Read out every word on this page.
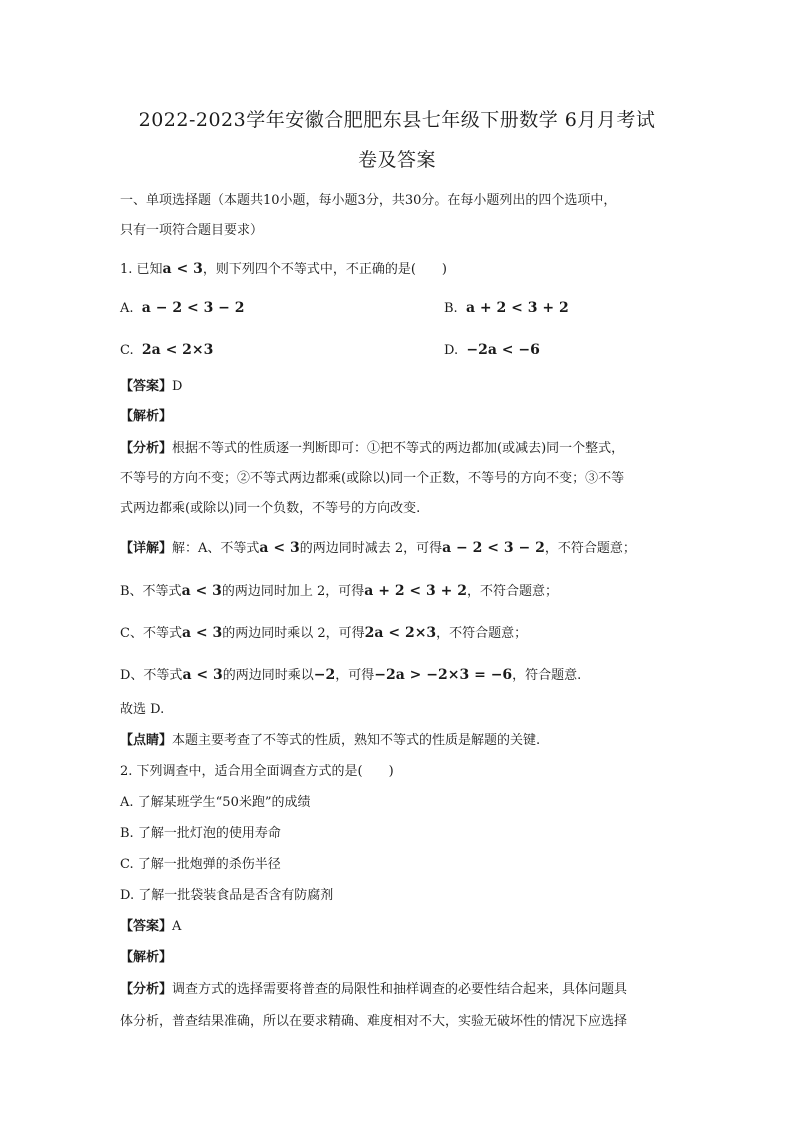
2022-2023学年安徽合肥肥东县七年级下册数学 6月月考试
卷及答案
一、单项选择题（本题共10小题，每小题3分，共30分。在每小题列出的四个选项中，
只有一项符合题目要求）
1. 已知a < 3，则下列四个不等式中，不正确的是(　　)
A. a − 2 < 3 − 2	B. a + 2 < 3 + 2
C. 2a < 2×3	D. −2a < −6
【答案】D
【解析】
【分析】根据不等式的性质逐一判断即可：①把不等式的两边都加(或减去)同一个整式，
不等号的方向不变；②不等式两边都乘(或除以)同一个正数，不等号的方向不变；③不等
式两边都乘(或除以)同一个负数，不等号的方向改变.
【详解】解：A、不等式a < 3的两边同时减去 2，可得a − 2 < 3 − 2，不符合题意；
B、不等式a < 3的两边同时加上 2，可得a + 2 < 3 + 2，不符合题意；
C、不等式a < 3的两边同时乘以 2，可得2a < 2×3，不符合题意；
D、不等式a < 3的两边同时乘以−2，可得−2a > −2×3 = −6，符合题意.
故选 D.
【点睛】本题主要考查了不等式的性质，熟知不等式的性质是解题的关键.
2. 下列调查中，适合用全面调查方式的是(　　)
A. 了解某班学生“50米跑”的成绩
B. 了解一批灯泡的使用寿命
C. 了解一批炮弹的杀伤半径
D. 了解一批袋装食品是否含有防腐剂
【答案】A
【解析】
【分析】调查方式的选择需要将普查的局限性和抽样调查的必要性结合起来，具体问题具
体分析，普查结果准确，所以在要求精确、难度相对不大，实验无破坏性的情况下应选择
